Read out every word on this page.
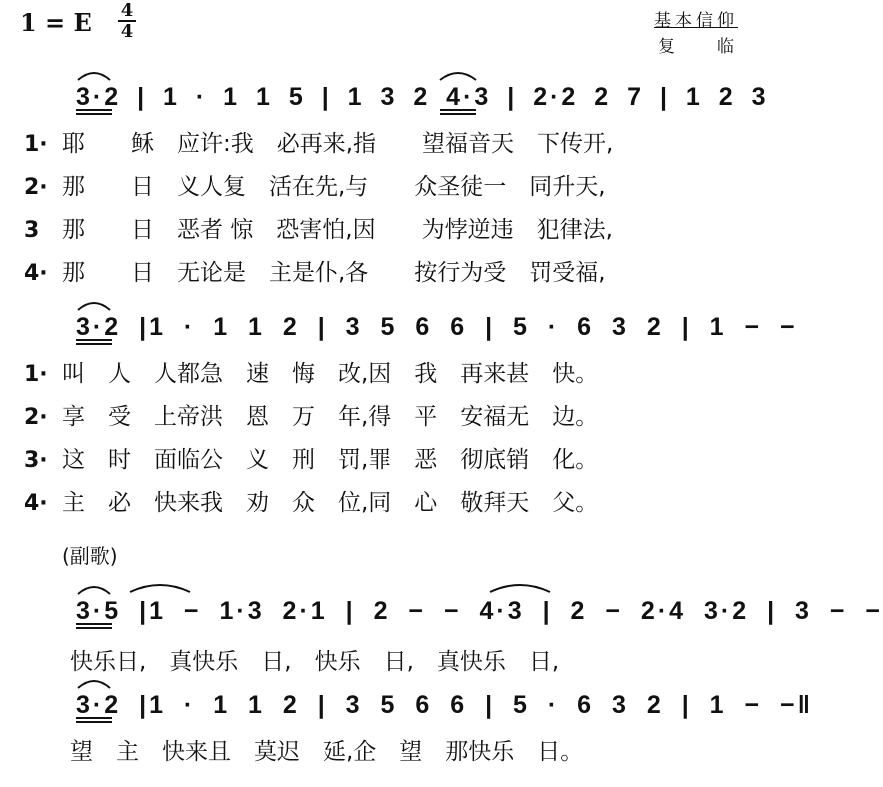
1 = E 4
4	基本信仰
复 临
3·2 | 1 · 1 1 5 | 1 3 2 4·3 | 2·2 2 7 | 1 2 3
1· 耶　　稣　应许:我　必再来,指　　望福音天　下传开,
2· 那　　日　义人复　活在先,与　　众圣徒一　同升天,
3 那　　日　恶者 惊　恐害怕,因　　为悖逆违　犯律法,
4· 那　　日　无论是　主是仆,各　　按行为受　罚受福,
3·2 |1 · 1 1 2 | 3 5 6 6 | 5 · 6 3 2 | 1 − −
1· 叫　人　人都急　速　悔　改,因　我　再来甚　快。
2· 享　受　上帝洪　恩　万　年,得　平　安福无　边。
3· 这　时　面临公　义　刑　罚,罪　恶　彻底销　化。
4· 主　必　快来我　劝　众　位,同　心　敬拜天　父。
(副歌)
3·5 |1 − 1·3 2·1 | 2 − − 4·3 | 2 − 2·4 3·2 | 3 − −
快乐日,　真快乐　日,　快乐　日,　真快乐　日,
3·2 |1 · 1 1 2 | 3 5 6 6 | 5 · 6 3 2 | 1 − −‖
望　主　快来且　莫迟　延,企　望　那快乐　日。
